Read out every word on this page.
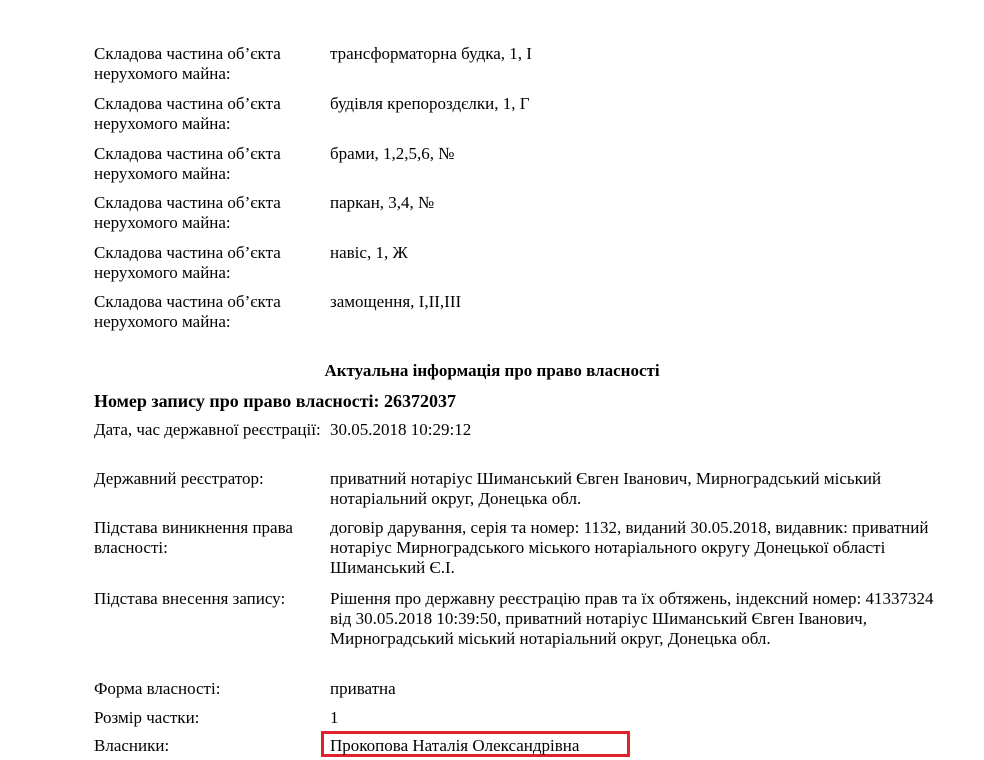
Складова частина об’єкта нерухомого майна:
трансформаторна будка, 1, І
Складова частина об’єкта нерухомого майна:
будівля крепороздєлки, 1, Г
Складова частина об’єкта нерухомого майна:
брами, 1,2,5,6, №
Складова частина об’єкта нерухомого майна:
паркан, 3,4, №
Складова частина об’єкта нерухомого майна:
навіс, 1, Ж
Складова частина об’єкта нерухомого майна:
замощення, І,ІІ,ІІІ
Актуальна інформація про право власності
Номер запису про право власності: 26372037
Дата, час державної реєстрації: 30.05.2018 10:29:12
Державний реєстратор:	приватний нотаріус Шиманський Євген Іванович, Мирноградський міський нотаріальний округ, Донецька обл.
Підстава виникнення права власності:
договір дарування, серія та номер: 1132, виданий 30.05.2018, видавник: приватний нотаріус Мирноградського міського нотаріального округу Донецької області Шиманський Є.І.
Підстава внесення запису:	Рішення про державну реєстрацію прав та їх обтяжень, індексний номер: 41337324 від 30.05.2018 10:39:50, приватний нотаріус Шиманський Євген Іванович, Мирноградський міський нотаріальний округ, Донецька обл.
Форма власності:	приватна
Розмір частки:	1
Власники:	Прокопова Наталія Олександрівна
